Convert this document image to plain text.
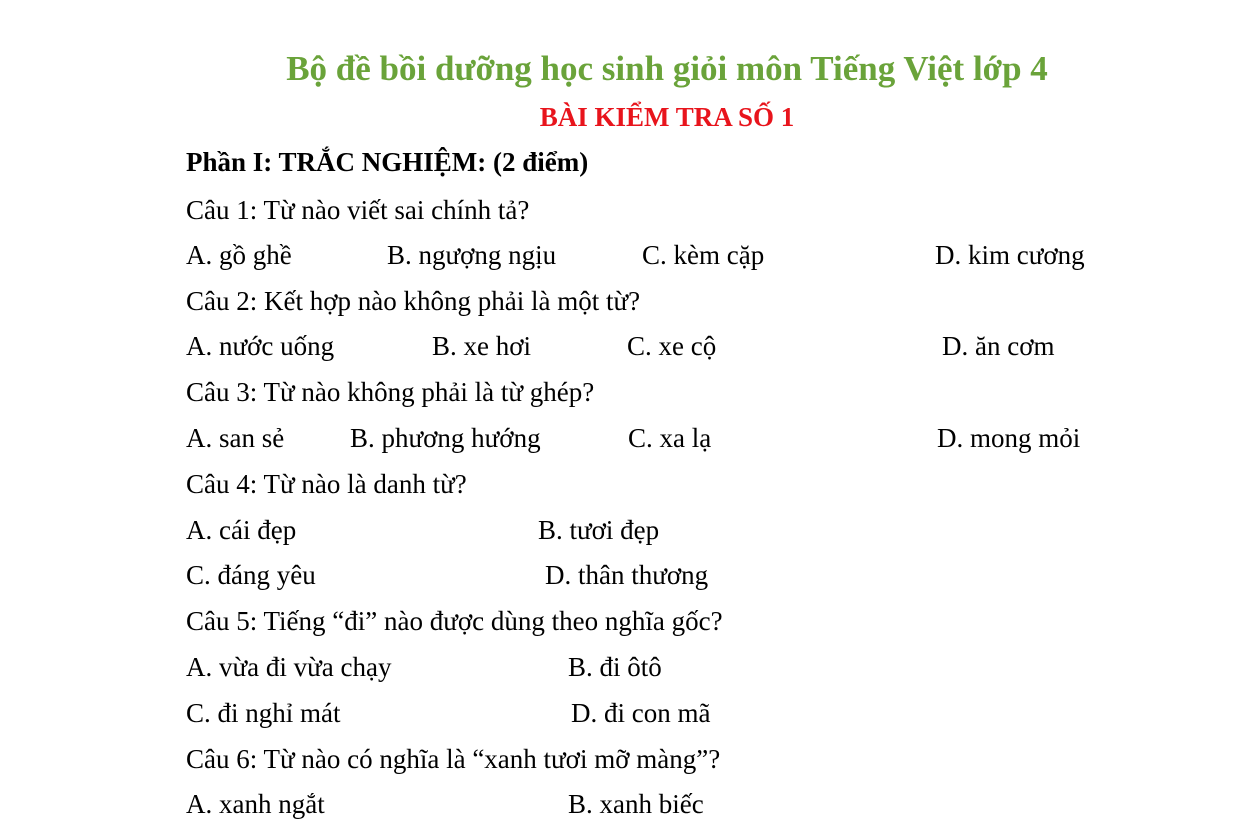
Bộ đề bồi dưỡng học sinh giỏi môn Tiếng Việt lớp 4
BÀI KIỂM TRA SỐ 1

Phần I: TRẮC NGHIỆM: (2 điểm)

Câu 1: Từ nào viết sai chính tả?

A. gồ ghề	B. ngượng ngịu	C. kèm cặp	D. kim cương

Câu 2: Kết hợp nào không phải là một từ?

A. nước uống	B. xe hơi	C. xe cộ	D. ăn cơm

Câu 3: Từ nào không phải là từ ghép?

A. san sẻ B. phương hướng	C. xa lạ	D. mong mỏi

Câu 4: Từ nào là danh từ?

A. cái đẹp	B. tươi đẹp
C. đáng yêu	D. thân thương

Câu 5: Tiếng “đi” nào được dùng theo nghĩa gốc?

A. vừa đi vừa chạy	B. đi ôtô
C. đi nghỉ mát	D. đi con mã

Câu 6: Từ nào có nghĩa là “xanh tươi mỡ màng”?

A. xanh ngắt	B. xanh biếc
